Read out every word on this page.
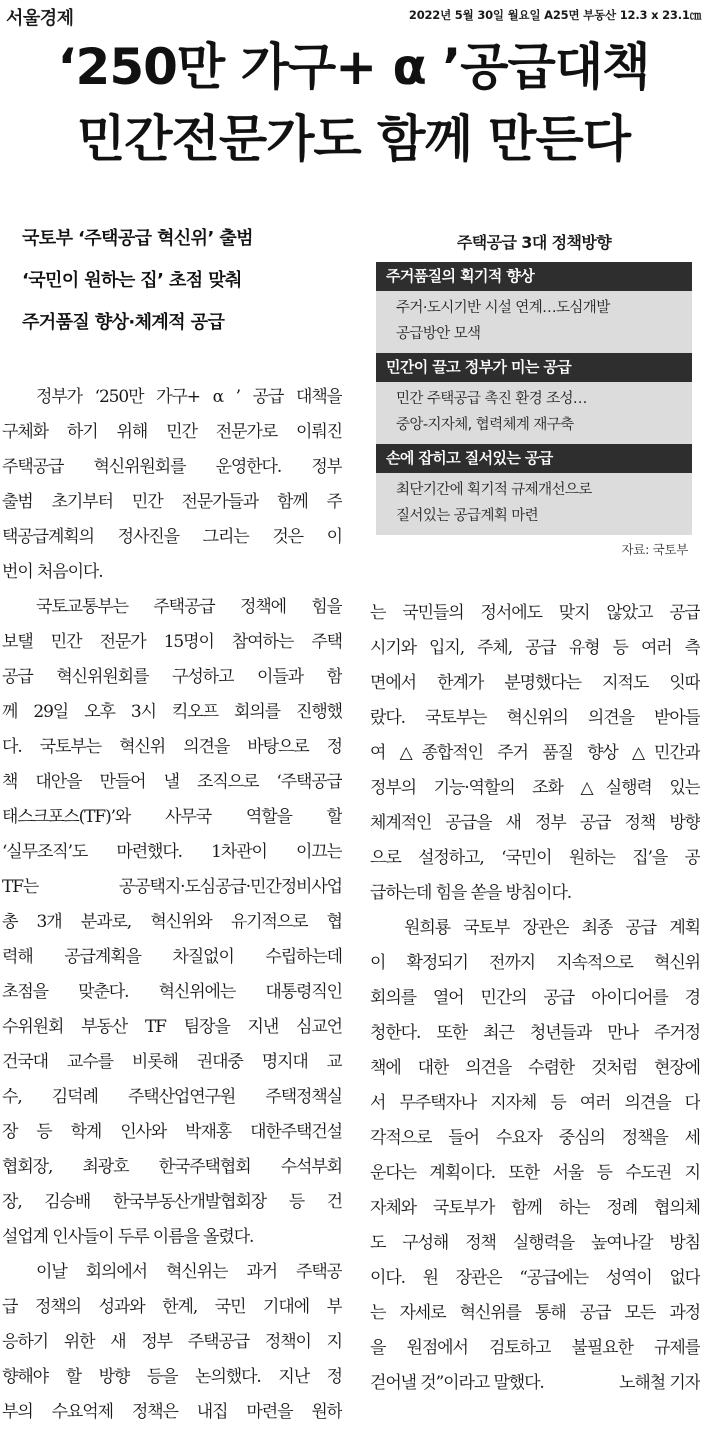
서울경제	2022년 5월 30일 월요일 A25면 부동산 12.3 x 23.1㎝
‘250만 가구+ α ’공급대책
민간전문가도 함께 만든다
국토부 ‘주택공급 혁신위’ 출범
‘국민이 원하는 집’ 초점 맞춰
주거품질 향상·체계적 공급
주택공급 3대 정책방향
주거품질의 획기적 향상
주거·도시기반 시설 연계…도심개발
공급방안 모색
민간이 끌고 정부가 미는 공급
민간 주택공급 촉진 환경 조성…
중앙-지자체, 협력체계 재구축
손에 잡히고 질서있는 공급
최단기간에 획기적 규제개선으로
질서있는 공급계획 마련
자료: 국토부
정부가 ‘250만 가구+ α ’ 공급 대책을
구체화 하기 위해 민간 전문가로 이뤄진
주택공급 혁신위원회를 운영한다. 정부
출범 초기부터 민간 전문가들과 함께 주
택공급계획의 정사진을 그리는 것은 이
번이 처음이다.
국토교통부는 주택공급 정책에 힘을
보탤 민간 전문가 15명이 참여하는 주택
공급 혁신위원회를 구성하고 이들과 함
께 29일 오후 3시 킥오프 회의를 진행했
다. 국토부는 혁신위 의견을 바탕으로 정
책 대안을 만들어 낼 조직으로 ‘주택공급
태스크포스(TF)’와 사무국 역할을 할
‘실무조직’도 마련했다. 1차관이 이끄는
TF는 공공택지·도심공급·민간정비사업
총 3개 분과로, 혁신위와 유기적으로 협
력해 공급계획을 차질없이 수립하는데
초점을 맞춘다. 혁신위에는 대통령직인
수위원회 부동산 TF 팀장을 지낸 심교언
건국대 교수를 비롯해 권대중 명지대 교
수, 김덕례 주택산업연구원 주택정책실
장 등 학계 인사와 박재홍 대한주택건설
협회장, 최광호 한국주택협회 수석부회
장, 김승배 한국부동산개발협회장 등 건
설업계 인사들이 두루 이름을 올렸다.
이날 회의에서 혁신위는 과거 주택공
급 정책의 성과와 한계, 국민 기대에 부
응하기 위한 새 정부 주택공급 정책이 지
향해야 할 방향 등을 논의했다. 지난 정
부의 수요억제 정책은 내집 마련을 원하
는 국민들의 정서에도 맞지 않았고 공급
시기와 입지, 주체, 공급 유형 등 여러 측
면에서 한계가 분명했다는 지적도 잇따
랐다. 국토부는 혁신위의 의견을 받아들
여 △종합적인 주거 품질 향상 △민간과
정부의 기능·역할의 조화 △실행력 있는
체계적인 공급을 새 정부 공급 정책 방향
으로 설정하고, ‘국민이 원하는 집’을 공
급하는데 힘을 쏟을 방침이다.
원희룡 국토부 장관은 최종 공급 계획
이 확정되기 전까지 지속적으로 혁신위
회의를 열어 민간의 공급 아이디어를 경
청한다. 또한 최근 청년들과 만나 주거정
책에 대한 의견을 수렴한 것처럼 현장에
서 무주택자나 지자체 등 여러 의견을 다
각적으로 들어 수요자 중심의 정책을 세
운다는 계획이다. 또한 서울 등 수도권 지
자체와 국토부가 함께 하는 정례 협의체
도 구성해 정책 실행력을 높여나갈 방침
이다. 원 장관은 “공급에는 성역이 없다
는 자세로 혁신위를 통해 공급 모든 과정
을 원점에서 검토하고 불필요한 규제를
걷어낼 것”이라고 말했다.	노해철 기자
